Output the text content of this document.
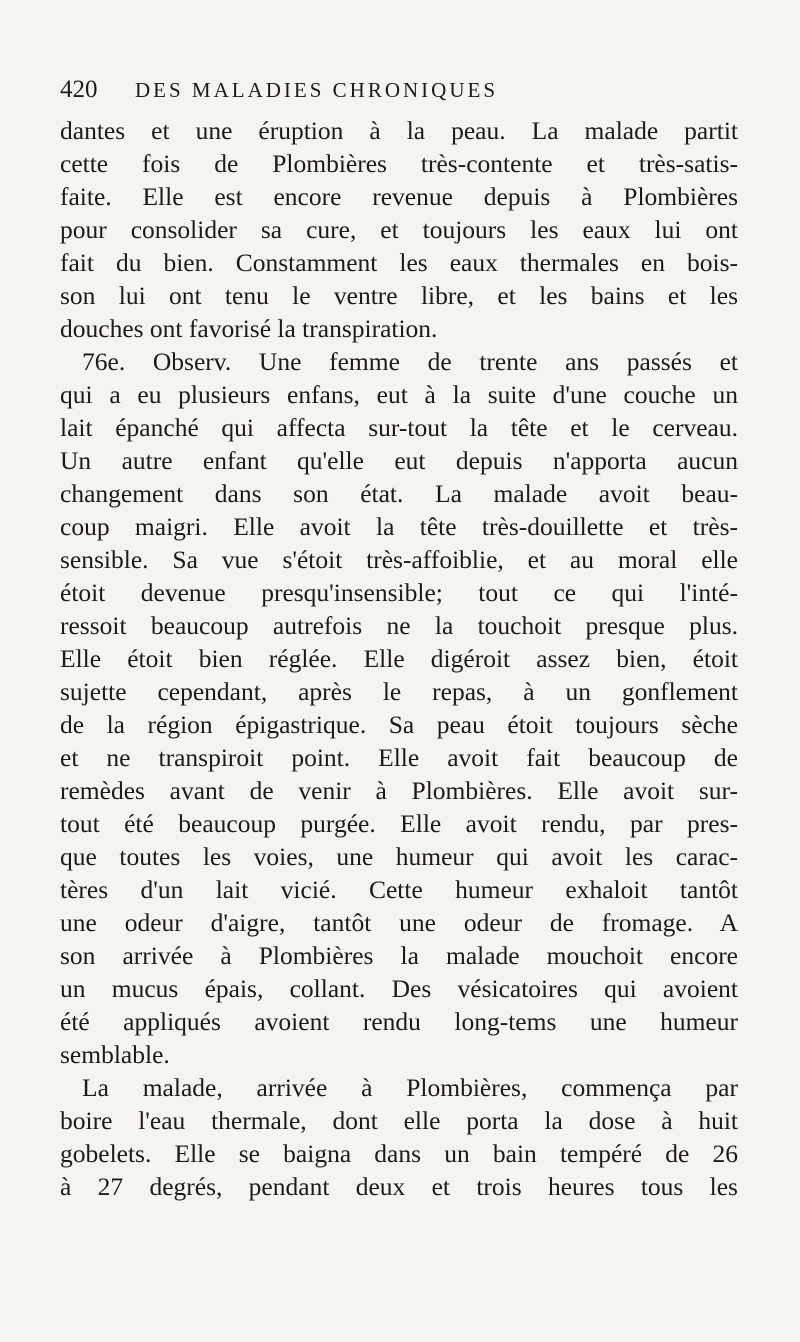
420 DES MALADIES CHRONIQUES
dantes et une éruption à la peau. La malade partit
cette fois de Plombières très-contente et très-satis-
faite. Elle est encore revenue depuis à Plombières
pour consolider sa cure, et toujours les eaux lui ont
fait du bien. Constamment les eaux thermales en bois-
son lui ont tenu le ventre libre, et les bains et les
douches ont favorisé la transpiration.
76e. Observ. Une femme de trente ans passés et
qui a eu plusieurs enfans, eut à la suite d'une couche un
lait épanché qui affecta sur-tout la tête et le cerveau.
Un autre enfant qu'elle eut depuis n'apporta aucun
changement dans son état. La malade avoit beau-
coup maigri. Elle avoit la tête très-douillette et très-
sensible. Sa vue s'étoit très-affoiblie, et au moral elle
étoit devenue presqu'insensible; tout ce qui l'inté-
ressoit beaucoup autrefois ne la touchoit presque plus.
Elle étoit bien réglée. Elle digéroit assez bien, étoit
sujette cependant, après le repas, à un gonflement
de la région épigastrique. Sa peau étoit toujours sèche
et ne transpiroit point. Elle avoit fait beaucoup de
remèdes avant de venir à Plombières. Elle avoit sur-
tout été beaucoup purgée. Elle avoit rendu, par pres-
que toutes les voies, une humeur qui avoit les carac-
tères d'un lait vicié. Cette humeur exhaloit tantôt
une odeur d'aigre, tantôt une odeur de fromage. A
son arrivée à Plombières la malade mouchoit encore
un mucus épais, collant. Des vésicatoires qui avoient
été appliqués avoient rendu long-tems une humeur
semblable.
La malade, arrivée à Plombières, commença par
boire l'eau thermale, dont elle porta la dose à huit
gobelets. Elle se baigna dans un bain tempéré de 26
à 27 degrés, pendant deux et trois heures tous les
